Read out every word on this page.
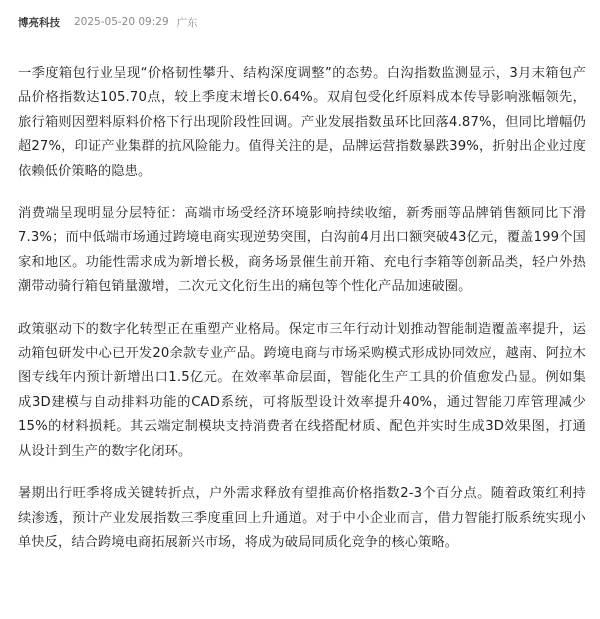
博亮科技 2025-05-20 09:29 广东

一季度箱包行业呈现“价格韧性攀升、结构深度调整”的态势。白沟指数监测显示，3月末箱包产品价格指数达105.70点，较上季度末增长0.64%。双肩包受化纤原料成本传导影响涨幅领先，旅行箱则因塑料原料价格下行出现阶段性回调。产业发展指数虽环比回落4.87%，但同比增幅仍超27%，印证产业集群的抗风险能力。值得关注的是，品牌运营指数暴跌39%，折射出企业过度依赖低价策略的隐患。

消费端呈现明显分层特征：高端市场受经济环境影响持续收缩，新秀丽等品牌销售额同比下滑7.3%；而中低端市场通过跨境电商实现逆势突围，白沟前4月出口额突破43亿元，覆盖199个国家和地区。功能性需求成为新增长极，商务场景催生前开箱、充电行李箱等创新品类，轻户外热潮带动骑行箱包销量激增，二次元文化衍生出的痛包等个性化产品加速破圈。

政策驱动下的数字化转型正在重塑产业格局。保定市三年行动计划推动智能制造覆盖率提升，运动箱包研发中心已开发20余款专业产品。跨境电商与市场采购模式形成协同效应，越南、阿拉木图专线年内预计新增出口1.5亿元。在效率革命层面，智能化生产工具的价值愈发凸显。例如集成3D建模与自动排料功能的CAD系统，可将版型设计效率提升40%，通过智能刀库管理减少15%的材料损耗。其云端定制模块支持消费者在线搭配材质、配色并实时生成3D效果图，打通从设计到生产的数字化闭环。

暑期出行旺季将成关键转折点，户外需求释放有望推高价格指数2-3个百分点。随着政策红利持续渗透，预计产业发展指数三季度重回上升通道。对于中小企业而言，借力智能打版系统实现小单快反，结合跨境电商拓展新兴市场，将成为破局同质化竞争的核心策略。
